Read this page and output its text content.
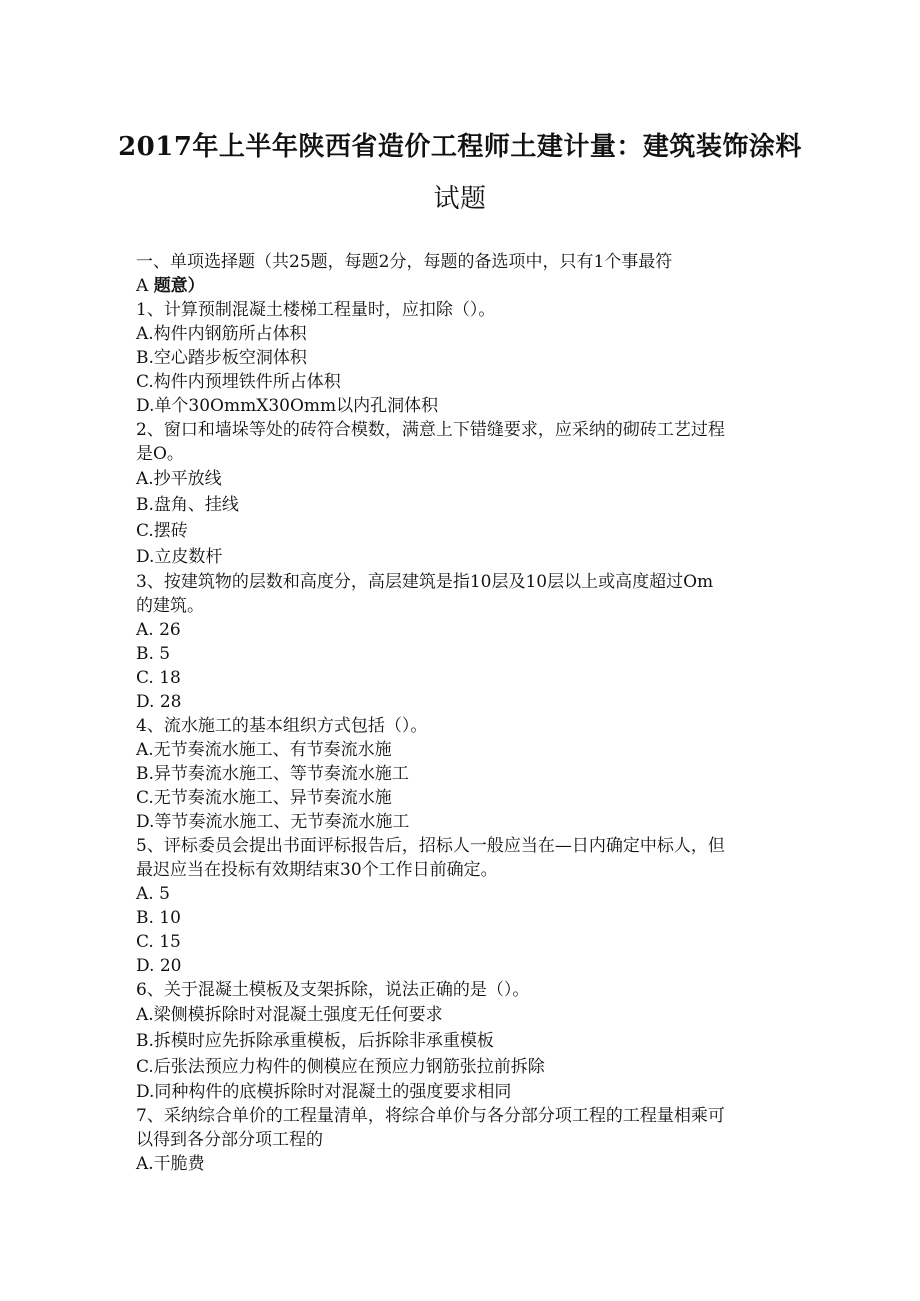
2017年上半年陕西省造价工程师土建计量：建筑装饰涂料
试题
一、单项选择题（共25题，每题2分，每题的备选项中，只有1个事最符
A 题意）
1、计算预制混凝土楼梯工程量时，应扣除（）。
A.构件内钢筋所占体积
B.空心踏步板空洞体积
C.构件内预埋铁件所占体积
D.单个30OmmX30Omm以内孔洞体积
2、窗口和墙垛等处的砖符合模数，满意上下错缝要求，应采纳的砌砖工艺过程
是O。
A.抄平放线
B.盘角、挂线
C.摆砖
D.立皮数杆
3、按建筑物的层数和高度分，高层建筑是指10层及10层以上或高度超过Om
的建筑。
A. 26
B. 5
C. 18
D. 28
4、流水施工的基本组织方式包括（）。
A.无节奏流水施工、有节奏流水施
B.异节奏流水施工、等节奏流水施工
C.无节奏流水施工、异节奏流水施
D.等节奏流水施工、无节奏流水施工
5、评标委员会提出书面评标报告后，招标人一般应当在—日内确定中标人，但
最迟应当在投标有效期结束30个工作日前确定。
A. 5
B. 10
C. 15
D. 20
6、关于混凝土模板及支架拆除，说法正确的是（）。
A.梁侧模拆除时对混凝土强度无任何要求
B.拆模时应先拆除承重模板，后拆除非承重模板
C.后张法预应力构件的侧模应在预应力钢筋张拉前拆除
D.同种构件的底模拆除时对混凝土的强度要求相同
7、采纳综合单价的工程量清单，将综合单价与各分部分项工程的工程量相乘可
以得到各分部分项工程的
A.干脆费
